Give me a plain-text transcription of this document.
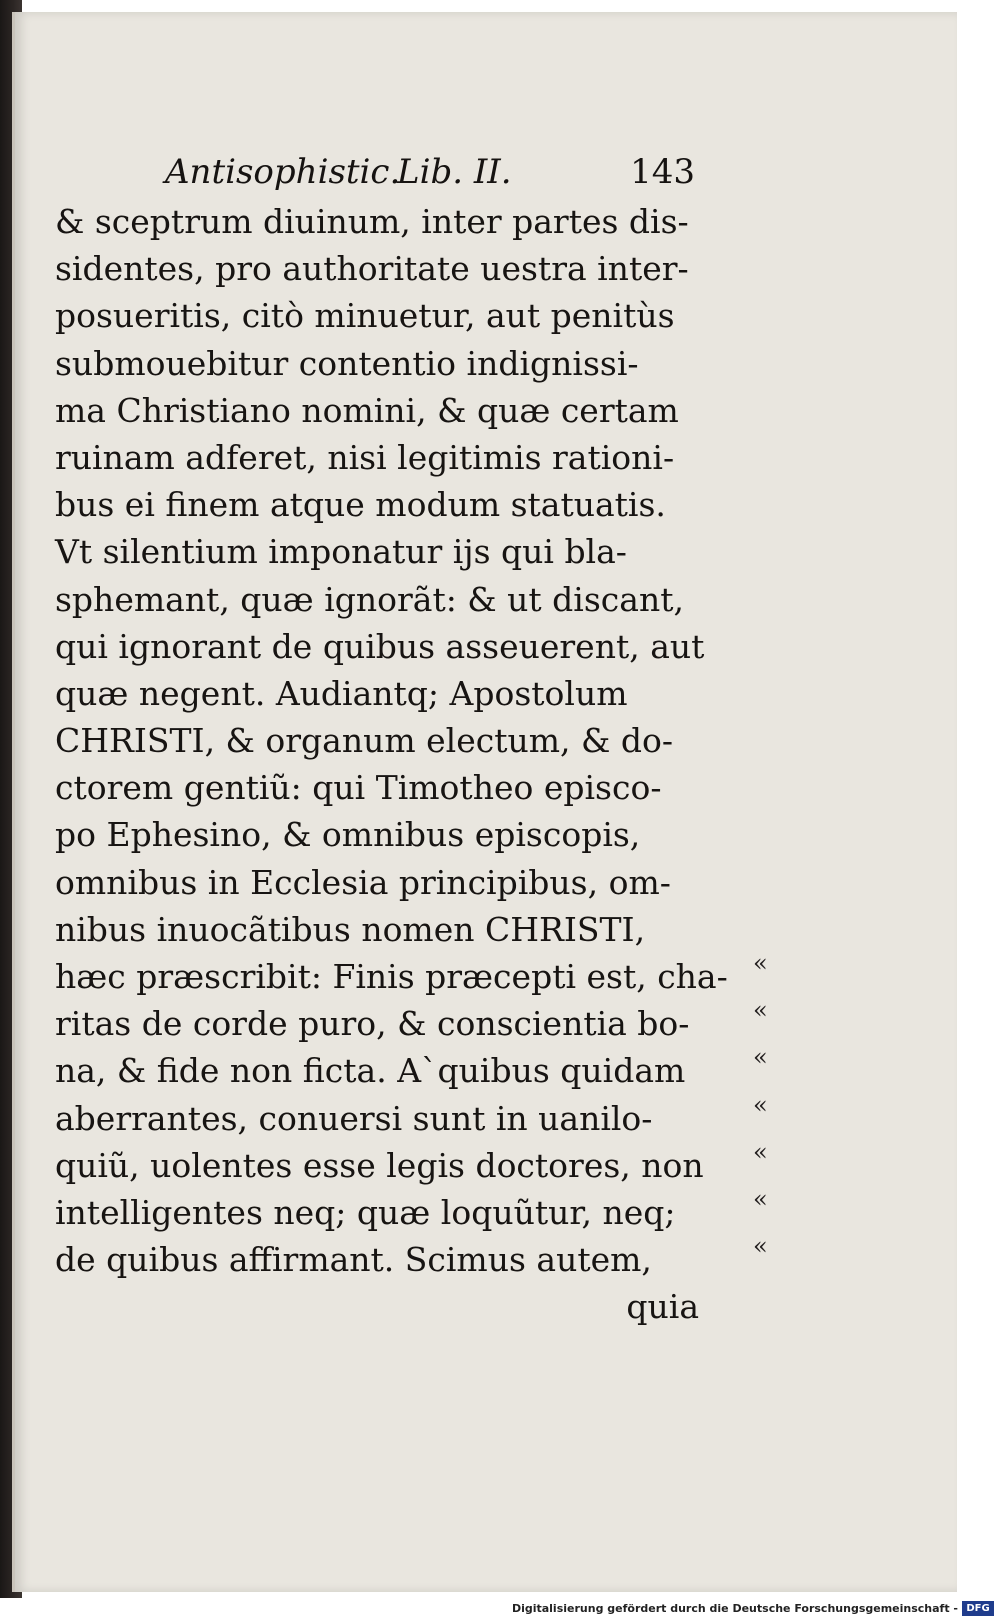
Antisophistic.
Lib. II.	143
& sceptrum diuinum, inter partes dis-
sidentes, pro authoritate uestra inter-
posueritis, citò minuetur, aut penitùs
submouebitur contentio indignissi-
ma Christiano nomini, & quæ certam
ruinam adferet, nisi legitimis rationi-
bus ei finem atque modum statuatis.
Vt silentium imponatur ijs qui bla-
sphemant, quæ ignorãt: & ut discant,
qui ignorant de quibus asseuerent, aut
quæ negent. Audiantq; Apostolum
CHRISTI, & organum electum, & do-
ctorem gentiũ: qui Timotheo episco-
po Ephesino, & omnibus episcopis,
omnibus in Ecclesia principibus, om-
nibus inuocãtibus nomen CHRISTI,
hæc præscribit: Finis præcepti est, cha-
ritas de corde puro, & conscientia bo-
na, & fide non ficta. A`quibus quidam
aberrantes, conuersi sunt in uanilo-
quiũ, uolentes esse legis doctores, non
intelligentes neq; quæ loquũtur, neq;
de quibus affirmant. Scimus autem,
quia
«
«
«
«
«
«
«
Digitalisierung gefördert durch die Deutsche Forschungsgemeinschaft - DFG
